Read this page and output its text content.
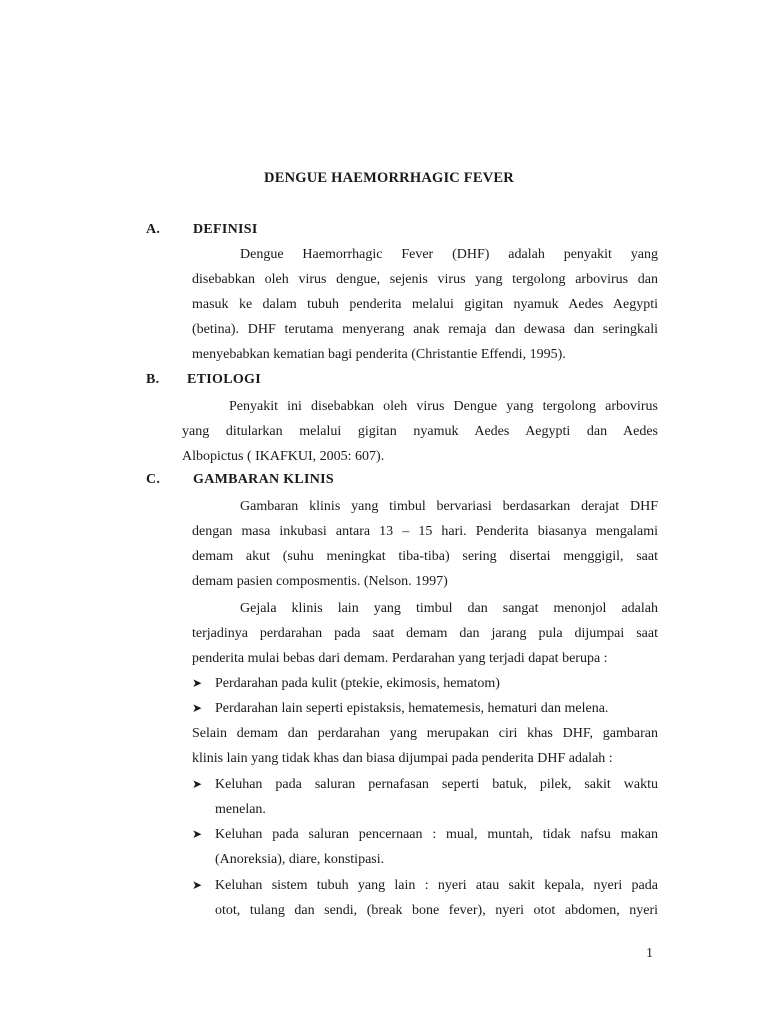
DENGUE HAEMORRHAGIC FEVER
A. DEFINISI
Dengue Haemorrhagic Fever (DHF) adalah penyakit yang
disebabkan oleh virus dengue, sejenis virus yang tergolong arbovirus dan
masuk ke dalam tubuh penderita melalui gigitan nyamuk Aedes Aegypti
(betina). DHF terutama menyerang anak remaja dan dewasa dan seringkali
menyebabkan kematian bagi penderita (Christantie Effendi, 1995).
B. ETIOLOGI
Penyakit ini disebabkan oleh virus Dengue yang tergolong arbovirus
yang ditularkan melalui gigitan nyamuk Aedes Aegypti dan Aedes
Albopictus ( IKAFKUI, 2005: 607).
C. GAMBARAN KLINIS
Gambaran klinis yang timbul bervariasi berdasarkan derajat DHF
dengan masa inkubasi antara 13 – 15 hari. Penderita biasanya mengalami
demam akut (suhu meningkat tiba-tiba) sering disertai menggigil, saat
demam pasien composmentis. (Nelson. 1997)
Gejala klinis lain yang timbul dan sangat menonjol adalah
terjadinya perdarahan pada saat demam dan jarang pula dijumpai saat
penderita mulai bebas dari demam. Perdarahan yang terjadi dapat berupa :
➤ Perdarahan pada kulit (ptekie, ekimosis, hematom)
➤ Perdarahan lain seperti epistaksis, hematemesis, hematuri dan melena.
Selain demam dan perdarahan yang merupakan ciri khas DHF, gambaran
klinis lain yang tidak khas dan biasa dijumpai pada penderita DHF adalah :
➤ Keluhan pada saluran pernafasan seperti batuk, pilek, sakit waktu
menelan.
➤ Keluhan pada saluran pencernaan : mual, muntah, tidak nafsu makan
(Anoreksia), diare, konstipasi.
➤ Keluhan sistem tubuh yang lain : nyeri atau sakit kepala, nyeri pada
otot, tulang dan sendi, (break bone fever), nyeri otot abdomen, nyeri
1
